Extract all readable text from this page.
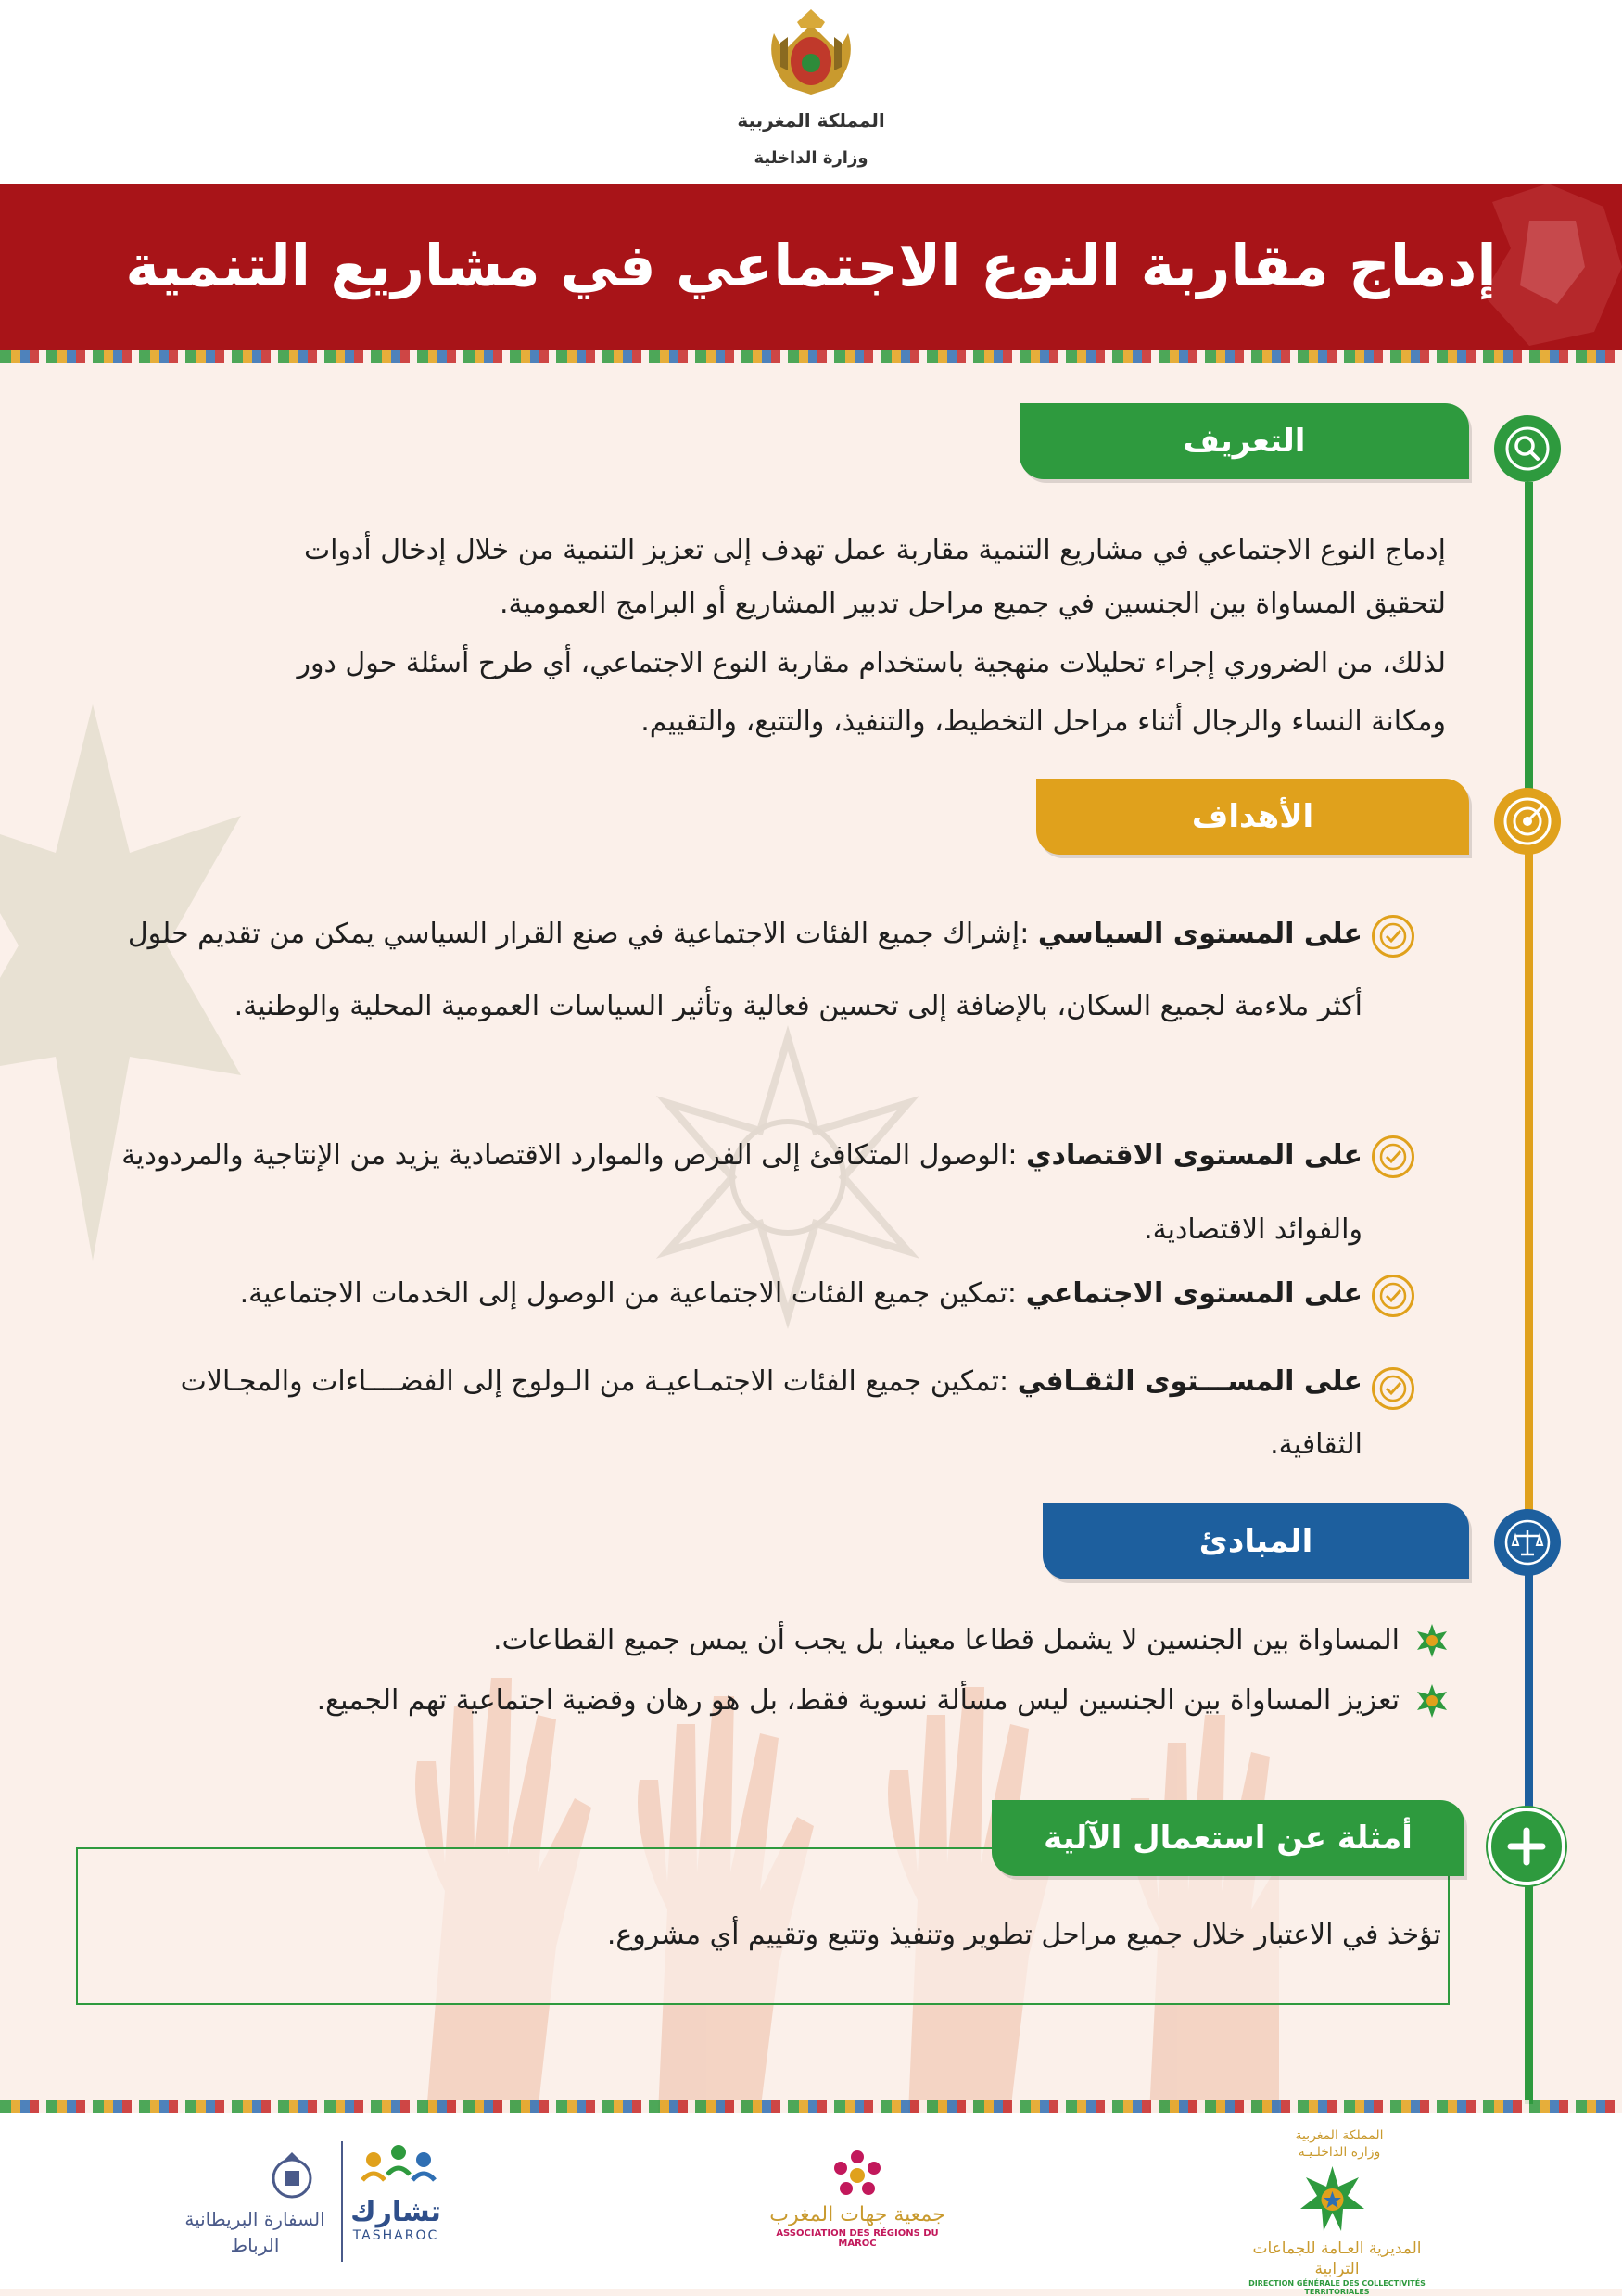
المملكة المغربية
وزارة الداخلية
إدماج مقاربة النوع الاجتماعي في مشاريع التنمية
التعريف
إدماج النوع الاجتماعي في مشاريع التنمية مقاربة عمل تهدف إلى تعزيز التنمية من خلال إدخال أدوات
لتحقيق المساواة بين الجنسين في جميع مراحل تدبير المشاريع أو البرامج العمومية.
لذلك، من الضروري إجراء تحليلات منهجية باستخدام مقاربة النوع الاجتماعي، أي طرح أسئلة حول دور
ومكانة النساء والرجال أثناء مراحل التخطيط، والتنفيذ، والتتبع، والتقييم.
الأهداف
على المستوى السياسي :إشراك جميع الفئات الاجتماعية في صنع القرار السياسي يمكن من تقديم حلول أكثر ملاءمة لجميع السكان، بالإضافة إلى تحسين فعالية وتأثير السياسات العمومية المحلية والوطنية.
على المستوى الاقتصادي :الوصول المتكافئ إلى الفرص والموارد الاقتصادية يزيد من الإنتاجية والمردودية والفوائد الاقتصادية.
على المستوى الاجتماعي :تمكين جميع الفئات الاجتماعية من الوصول إلى الخدمات الاجتماعية.
على المســـتوى الثقـافي :تمكين جميع الفئات الاجتمـاعيـة من الـولوج إلى الفضــــاءات والمجـالات الثقافية.
المبادئ
المساواة بين الجنسين لا يشمل قطاعا معينا، بل يجب أن يمس جميع القطاعات.
تعزيز المساواة بين الجنسين ليس مسألة نسوية فقط، بل هو رهان وقضية اجتماعية تهم الجميع.
أمثلة عن استعمال الآلية
تؤخذ في الاعتبار خلال جميع مراحل تطوير وتنفيذ وتتبع وتقييم أي مشروع.
السفارة البريطانية
الرباط
تشارك
TASHAROC
جمعية جهات المغرب
ASSOCIATION DES RÉGIONS DU MAROC
المملكة المغربية
وزارة الداخلـيـة
المديرية العـامة للجماعات الترابية
DIRECTION GÉNÉRALE DES COLLECTIVITÉS TERRITORIALES
